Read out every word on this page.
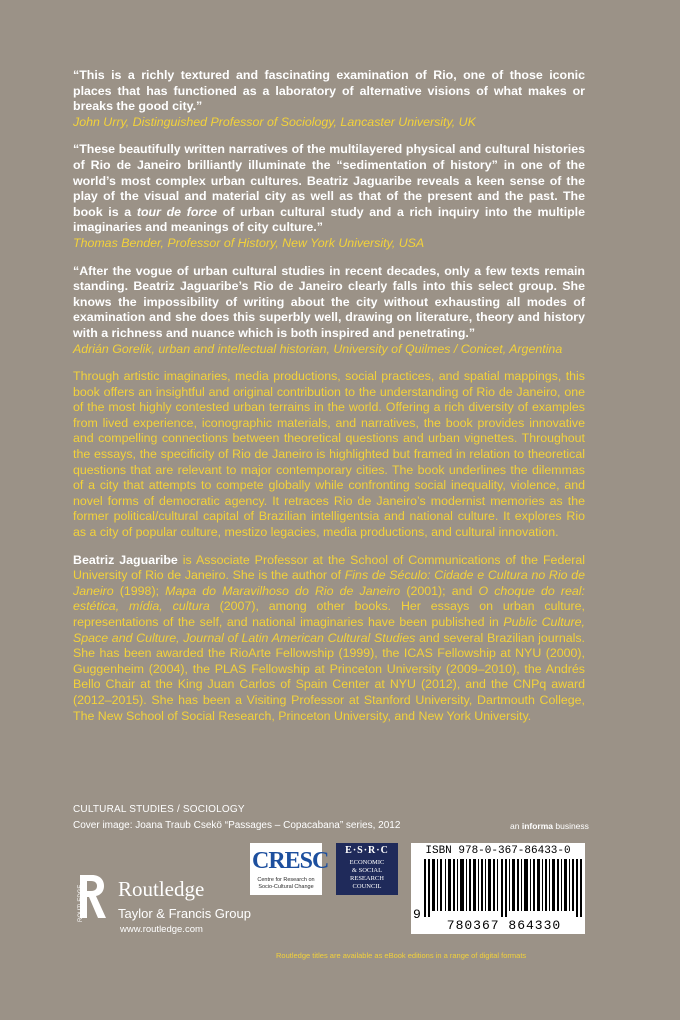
“This is a richly textured and fascinating examination of Rio, one of those iconic places that has functioned as a laboratory of alternative visions of what makes or breaks the good city.”

John Urry, Distinguished Professor of Sociology, Lancaster University, UK

“These beautifully written narratives of the multilayered physical and cultural histories of Rio de Janeiro brilliantly illuminate the “sedimentation of history” in one of the world’s most complex urban cultures. Beatriz Jaguaribe reveals a keen sense of the play of the visual and material city as well as that of the present and the past. The book is a tour de force of urban cultural study and a rich inquiry into the multiple imaginaries and meanings of city culture.”

Thomas Bender, Professor of History, New York University, USA

“After the vogue of urban cultural studies in recent decades, only a few texts remain standing. Beatriz Jaguaribe’s Rio de Janeiro clearly falls into this select group. She knows the impossibility of writing about the city without exhausting all modes of examination and she does this superbly well, drawing on literature, theory and history with a richness and nuance which is both inspired and penetrating.”

Adrián Gorelik, urban and intellectual historian, University of Quilmes / Conicet, Argentina

Through artistic imaginaries, media productions, social practices, and spatial mappings, this book offers an insightful and original contribution to the understanding of Rio de Janeiro, one of the most highly contested urban terrains in the world. Offering a rich diversity of examples from lived experience, iconographic materials, and narratives, the book provides innovative and compelling connections between theoretical questions and urban vignettes. Throughout the essays, the specificity of Rio de Janeiro is highlighted but framed in relation to theoretical questions that are relevant to major contemporary cities. The book underlines the dilemmas of a city that attempts to compete globally while confronting social inequality, violence, and novel forms of democratic agency. It retraces Rio de Janeiro’s modernist memories as the former political/cultural capital of Brazilian intelligentsia and national culture. It explores Rio as a city of popular culture, mestizo legacies, media productions, and cultural innovation.

Beatriz Jaguaribe is Associate Professor at the School of Communications of the Federal University of Rio de Janeiro. She is the author of Fins de Século: Cidade e Cultura no Rio de Janeiro (1998); Mapa do Maravilhoso do Rio de Janeiro (2001); and O choque do real: estética, mídia, cultura (2007), among other books. Her essays on urban culture, representations of the self, and national imaginaries have been published in Public Culture, Space and Culture, Journal of Latin American Cultural Studies and several Brazilian journals. She has been awarded the RioArte Fellowship (1999), the ICAS Fellowship at NYU (2000), Guggenheim (2004), the PLAS Fellowship at Princeton University (2009–2010), the Andrés Bello Chair at the King Juan Carlos of Spain Center at NYU (2012), and the CNPq award (2012–2015). She has been a Visiting Professor at Stanford University, Dartmouth College, The New School of Social Research, Princeton University, and New York University.

CULTURAL STUDIES / SOCIOLOGY
Cover image: Joana Traub Csekö “Passages – Copacabana” series, 2012	an informa business
ROUTLEDGE Routledge
Taylor & Francis Group
www.routledge.com
CRESC
Centre for Research on
Socio-Cultural Change
E·S·R·C
ECONOMIC
& SOCIAL
RESEARCH
COUNCIL
ISBN 978-0-367-86433-0
9
780367 864330
Routledge titles are available as eBook editions in a range of digital formats
